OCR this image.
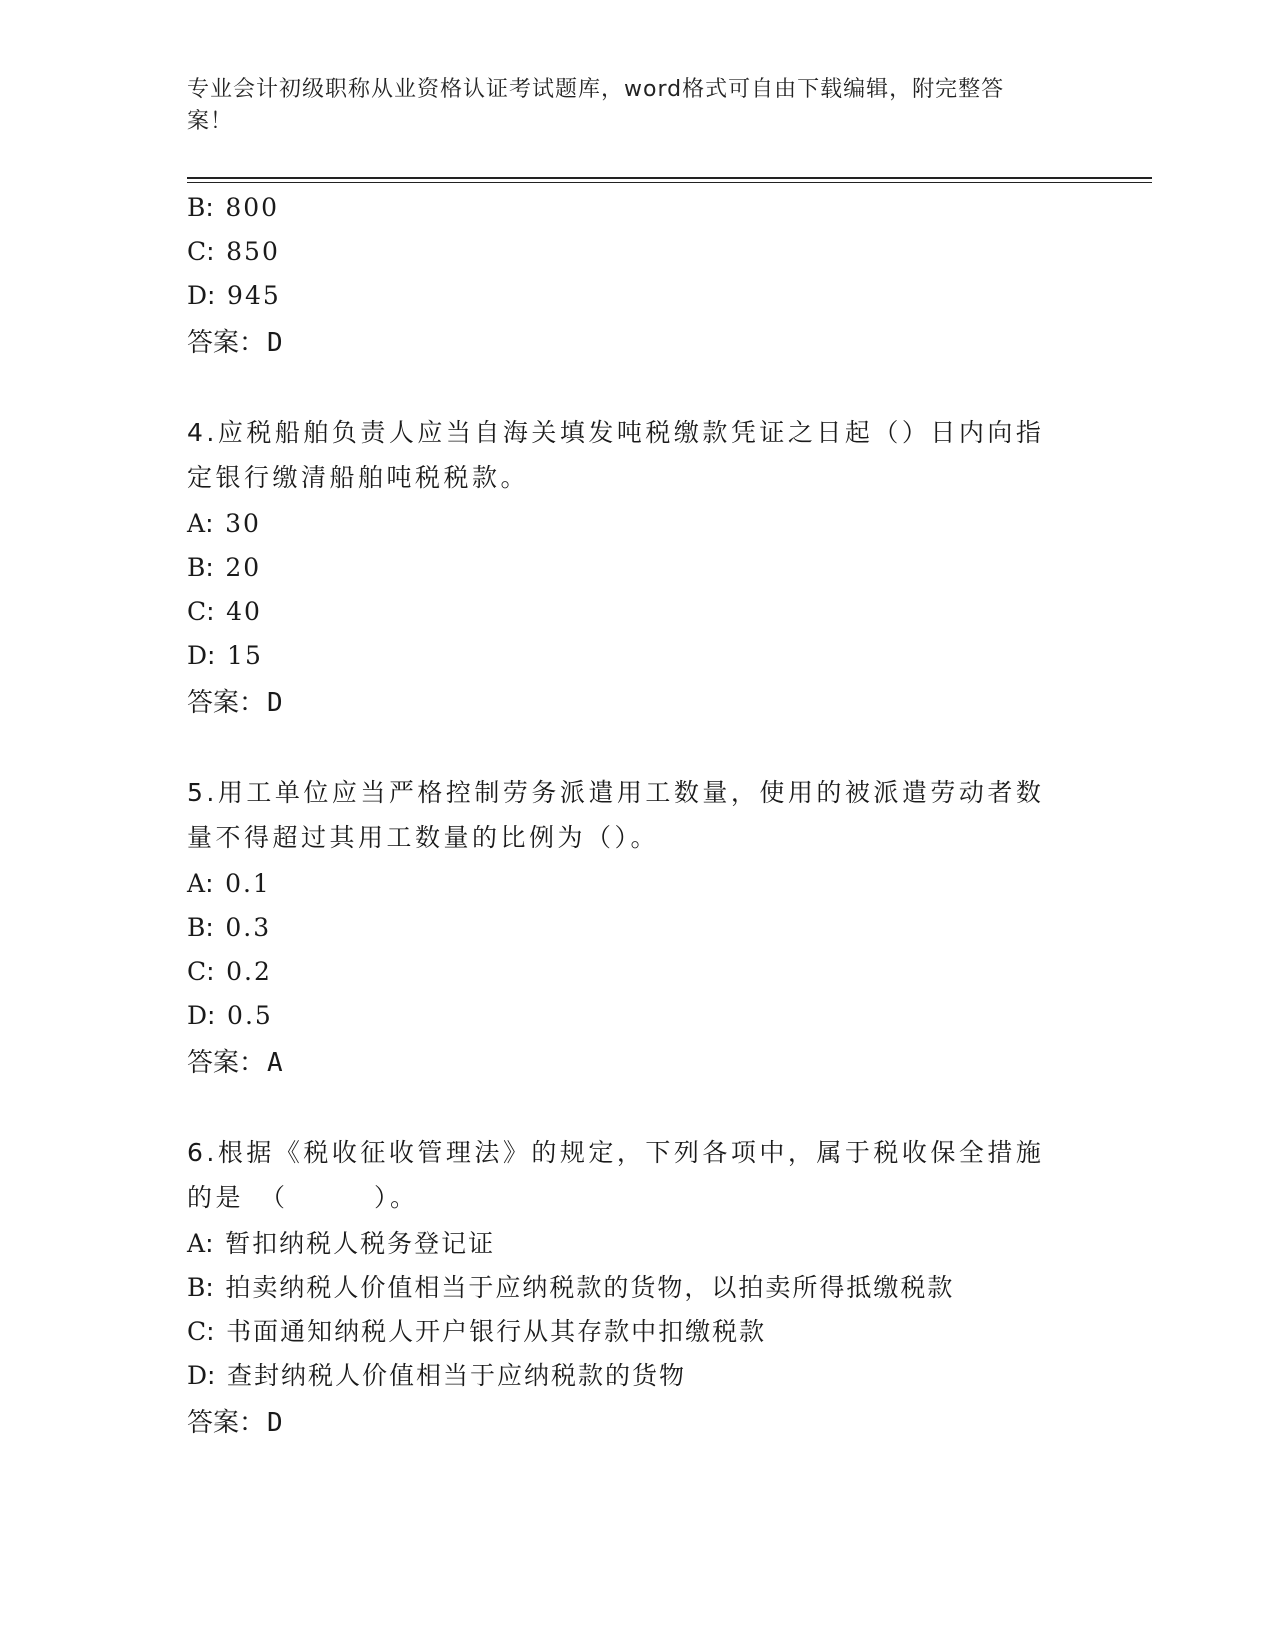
专业会计初级职称从业资格认证考试题库，word格式可自由下载编辑，附完整答
案！
B: 800
C: 850
D: 945
答案：D
4.应税船舶负责人应当自海关填发吨税缴款凭证之日起（）日内向指
定银行缴清船舶吨税税款。
A: 30
B: 20
C: 40
D: 15
答案：D
5.用工单位应当严格控制劳务派遣用工数量，使用的被派遣劳动者数
量不得超过其用工数量的比例为（）。
A: 0.1
B: 0.3
C: 0.2
D: 0.5
答案：A
6.根据《税收征收管理法》的规定，下列各项中，属于税收保全措施
的是　（　　　）。
A: 暂扣纳税人税务登记证
B: 拍卖纳税人价值相当于应纳税款的货物，以拍卖所得抵缴税款
C: 书面通知纳税人开户银行从其存款中扣缴税款
D: 查封纳税人价值相当于应纳税款的货物
答案：D
